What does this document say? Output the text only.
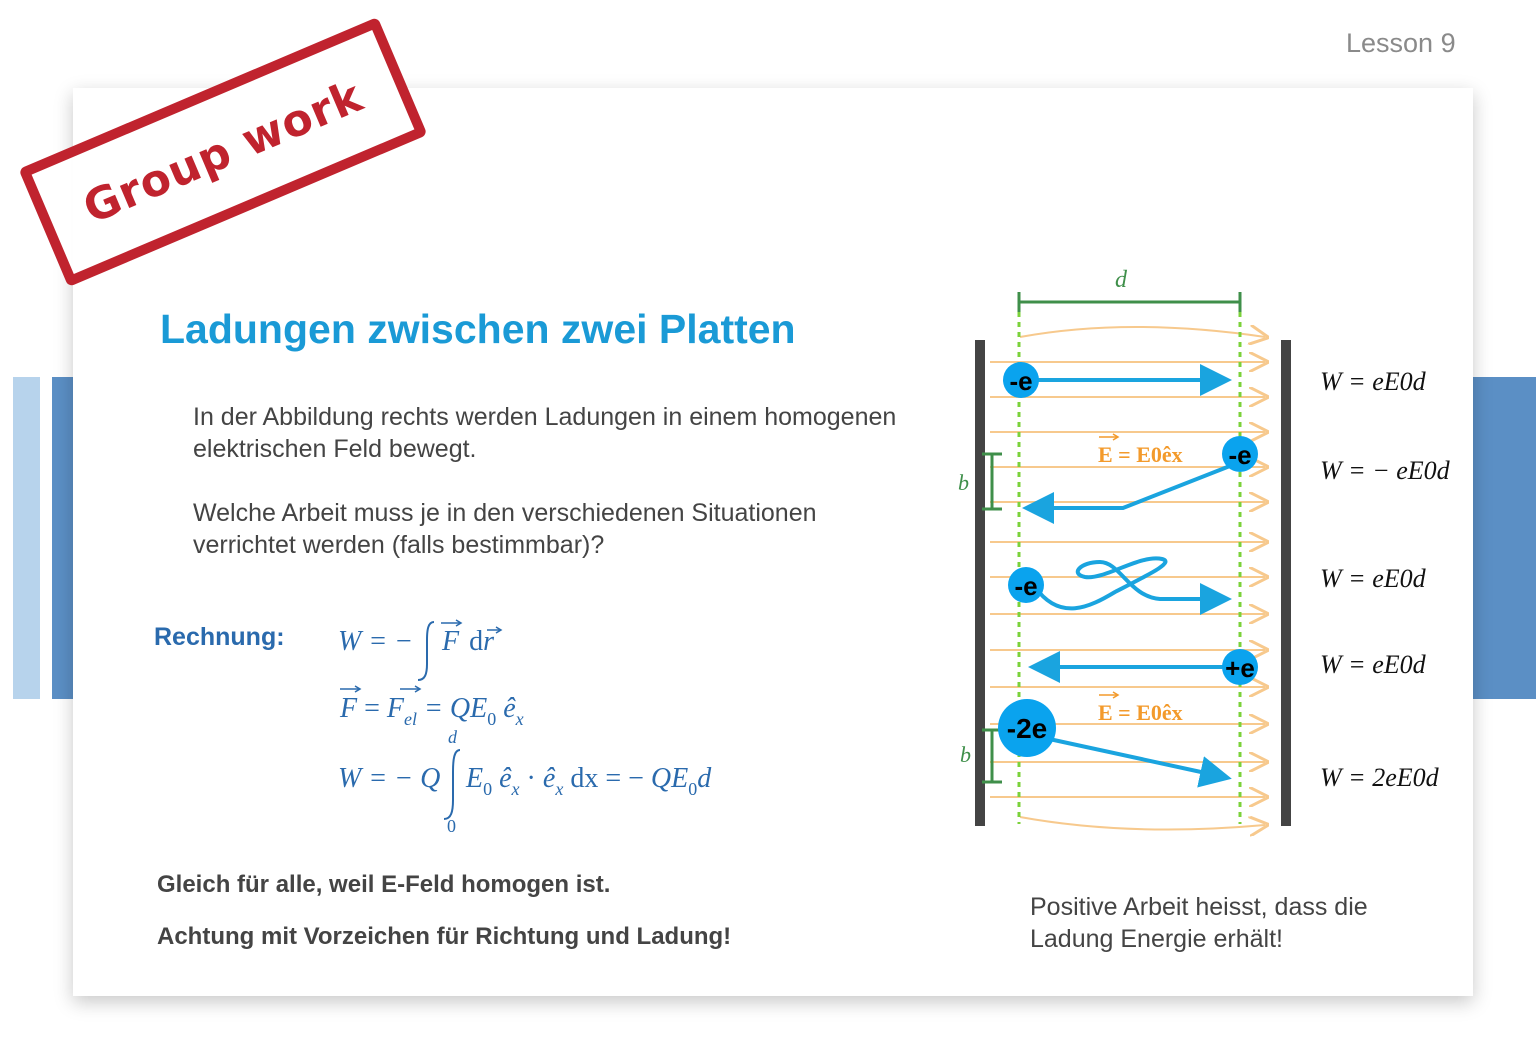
Lesson 9
Group work
Ladungen zwischen zwei Platten
In der Abbildung rechts werden Ladungen in einem homogenen elektrischen Feld bewegt.
Welche Arbeit muss je in den verschiedenen Situationen verrichtet werden (falls bestimmbar)?
Rechnung: W = − F dr
$F = F_{el} = QE_0$ $ê_x$
W = − Q
d
0
$E_0$ $ê_x$ · $ê_x$ dx = − $QE_0d$
Gleich für alle, weil E-Feld homogen ist.
Achtung mit Vorzeichen für Richtung und Ladung!
d
b
b
E = E0êx
E = E0êx
-e
-e
-e
+e
-2e
W = eE0d
W = − eE0d
W = eE0d
W = eE0d
W = 2eE0d
Positive Arbeit heisst, dass die Ladung Energie erhält!
